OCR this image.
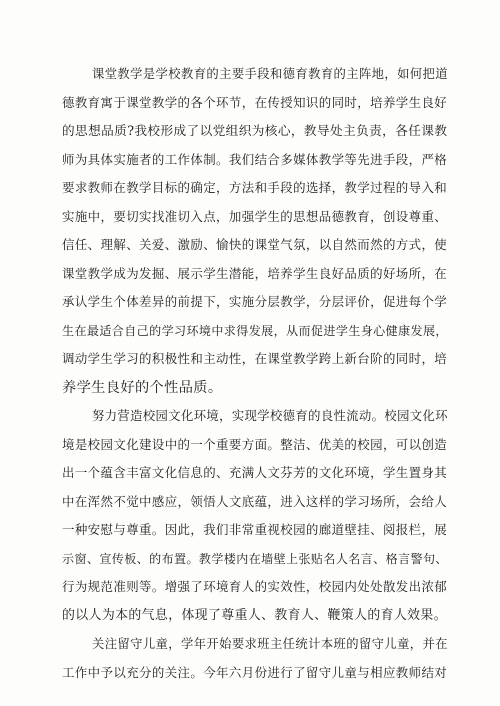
课堂教学是学校教育的主要手段和德育教育的主阵地，如何把道
德教育寓于课堂教学的各个环节，在传授知识的同时，培养学生良好
的思想品质?我校形成了以党组织为核心，教导处主负责，各任课教
师为具体实施者的工作体制。我们结合多媒体教学等先进手段，严格
要求教师在教学目标的确定，方法和手段的选择，教学过程的导入和
实施中，要切实找准切入点，加强学生的思想品德教育，创设尊重、
信任、理解、关爱、激励、愉快的课堂气氛，以自然而然的方式，使
课堂教学成为发掘、展示学生潜能，培养学生良好品质的好场所，在
承认学生个体差异的前提下，实施分层教学，分层评价，促进每个学
生在最适合自己的学习环境中求得发展，从而促进学生身心健康发展，
调动学生学习的积极性和主动性，在课堂教学跨上新台阶的同时，培
养学生良好的个性品质。
努力营造校园文化环境，实现学校德育的良性流动。校园文化环
境是校园文化建设中的一个重要方面。整洁、优美的校园，可以创造
出一个蕴含丰富文化信息的、充满人文芬芳的文化环境，学生置身其
中在浑然不觉中感应，领悟人文底蕴，进入这样的学习场所，会给人
一种安慰与尊重。因此，我们非常重视校园的廊道壁挂、阅报栏，展
示窗、宣传板、的布置。教学楼内在墙壁上张贴名人名言、格言警句、
行为规范准则等。增强了环境育人的实效性，校园内处处散发出浓郁
的以人为本的气息，体现了尊重人、教育人、鞭策人的育人效果。
关注留守儿童，学年开始要求班主任统计本班的留守儿童，并在
工作中予以充分的关注。今年六月份进行了留守儿童与相应教师结对
